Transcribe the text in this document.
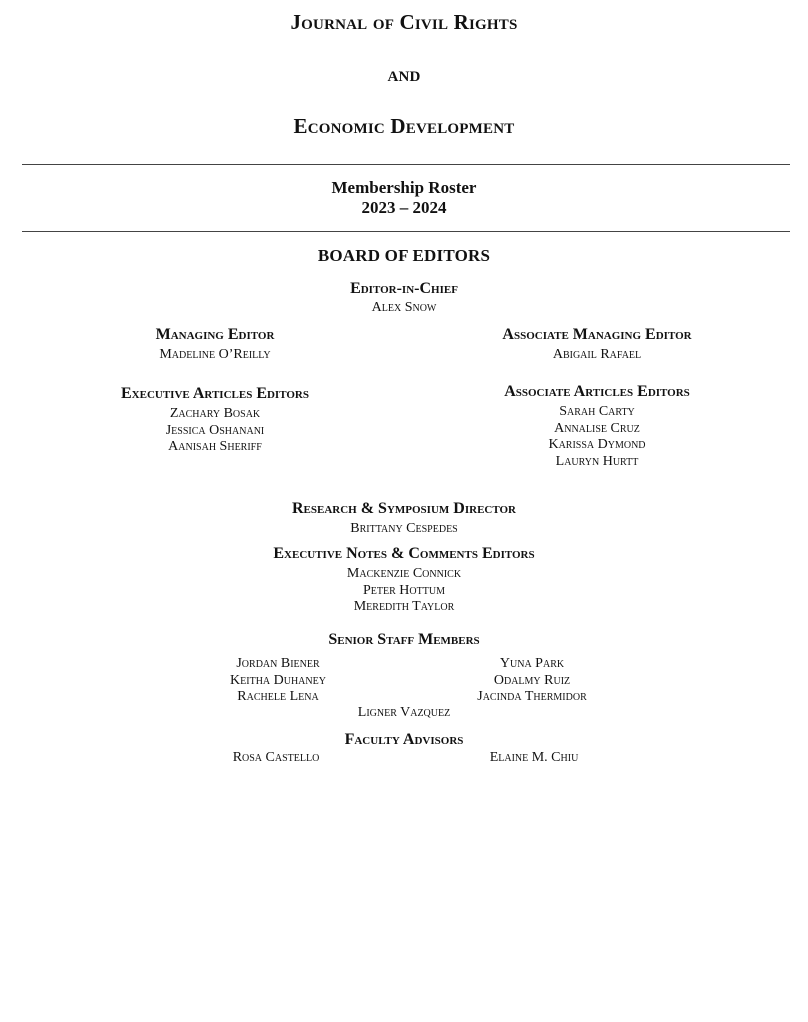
Journal of Civil Rights
and
Economic Development
Membership Roster
2023 – 2024
BOARD OF EDITORS
Editor-in-Chief
Alex Snow
Managing Editor
Madeline O’Reilly
Associate Managing Editor
Abigail Rafael
Executive Articles Editors
Zachary Bosak
Jessica Oshanani
Aanisah Sheriff
Associate Articles Editors
Sarah Carty
Annalise Cruz
Karissa Dymond
Lauryn Hurtt
Research & Symposium Director
Brittany Cespedes
Executive Notes & Comments Editors
Mackenzie Connick
Peter Hottum
Meredith Taylor
Senior Staff Members
Jordan Biener
Keitha Duhaney
Rachele Lena
Yuna Park
Odalmy Ruiz
Jacinda Thermidor
Ligner Vazquez
Faculty Advisors
Rosa Castello	Elaine M. Chiu
